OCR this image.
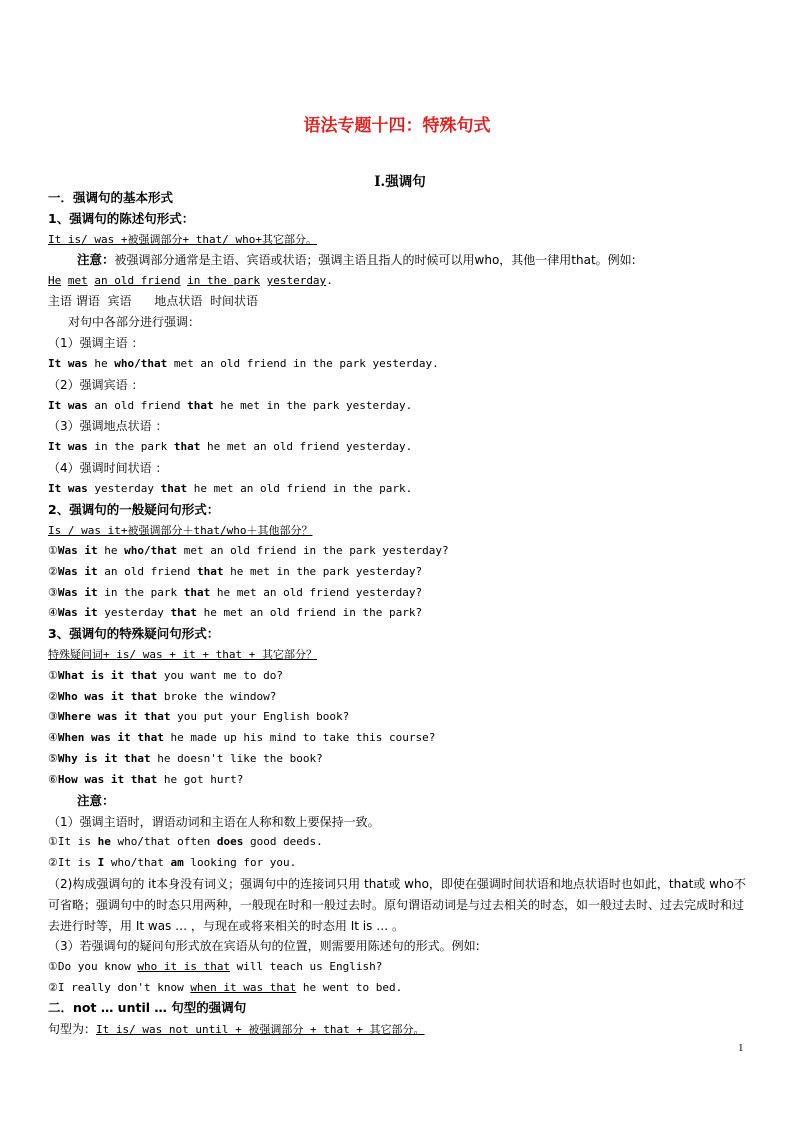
语法专题十四：特殊句式
Ⅰ.强调句
一．强调句的基本形式
1、强调句的陈述句形式：
It is/ was +被强调部分+ that/ who+其它部分。
注意：被强调部分通常是主语、宾语或状语；强调主语且指人的时候可以用who，其他一律用that。例如:
He met an old friend in the park yesterday.
主语 谓语  宾语      地点状语  时间状语
对句中各部分进行强调：
（1）强调主语 ：
It was he who/that met an old friend in the park yesterday.
（2）强调宾语 ：
It was an old friend that he met in the park yesterday.
（3）强调地点状语 ：
It was in the park that he met an old friend yesterday.
（4）强调时间状语 ：
It was yesterday that he met an old friend in the park.
2、强调句的一般疑问句形式：
Is / was it+被强调部分＋that/who＋其他部分？
①Was it he who/that met an old friend in the park yesterday?
②Was it an old friend that he met in the park yesterday?
③Was it in the park that he met an old friend yesterday?
④Was it yesterday that he met an old friend in the park?
3、强调句的特殊疑问句形式：
特殊疑问词+ is/ was + it + that + 其它部分？
①What is it that you want me to do?
②Who was it that broke the window?
③Where was it that you put your English book?
④When was it that he made up his mind to take this course?
⑤Why is it that he doesn't like the book?
⑥How was it that he got hurt?
注意：
（1）强调主语时，谓语动词和主语在人称和数上要保持一致。
①It is he who/that often does good deeds.
②It is I who/that am looking for you.
（2)构成强调句的 it本身没有词义；强调句中的连接词只用 that或 who，即使在强调时间状语和地点状语时也如此，that或 who不可省略；强调句中的时态只用两种，一般现在时和一般过去时。原句谓语动词是与过去相关的时态，如一般过去时、过去完成时和过去进行时等，用 It was … ，与现在或将来相关的时态用 It is … 。
（3）若强调句的疑问句形式放在宾语从句的位置，则需要用陈述句的形式。例如:
①Do you know who it is that will teach us English?
②I really don't know when it was that he went to bed.
二．not … until … 句型的强调句
句型为：It is/ was not until + 被强调部分 + that + 其它部分。
1
